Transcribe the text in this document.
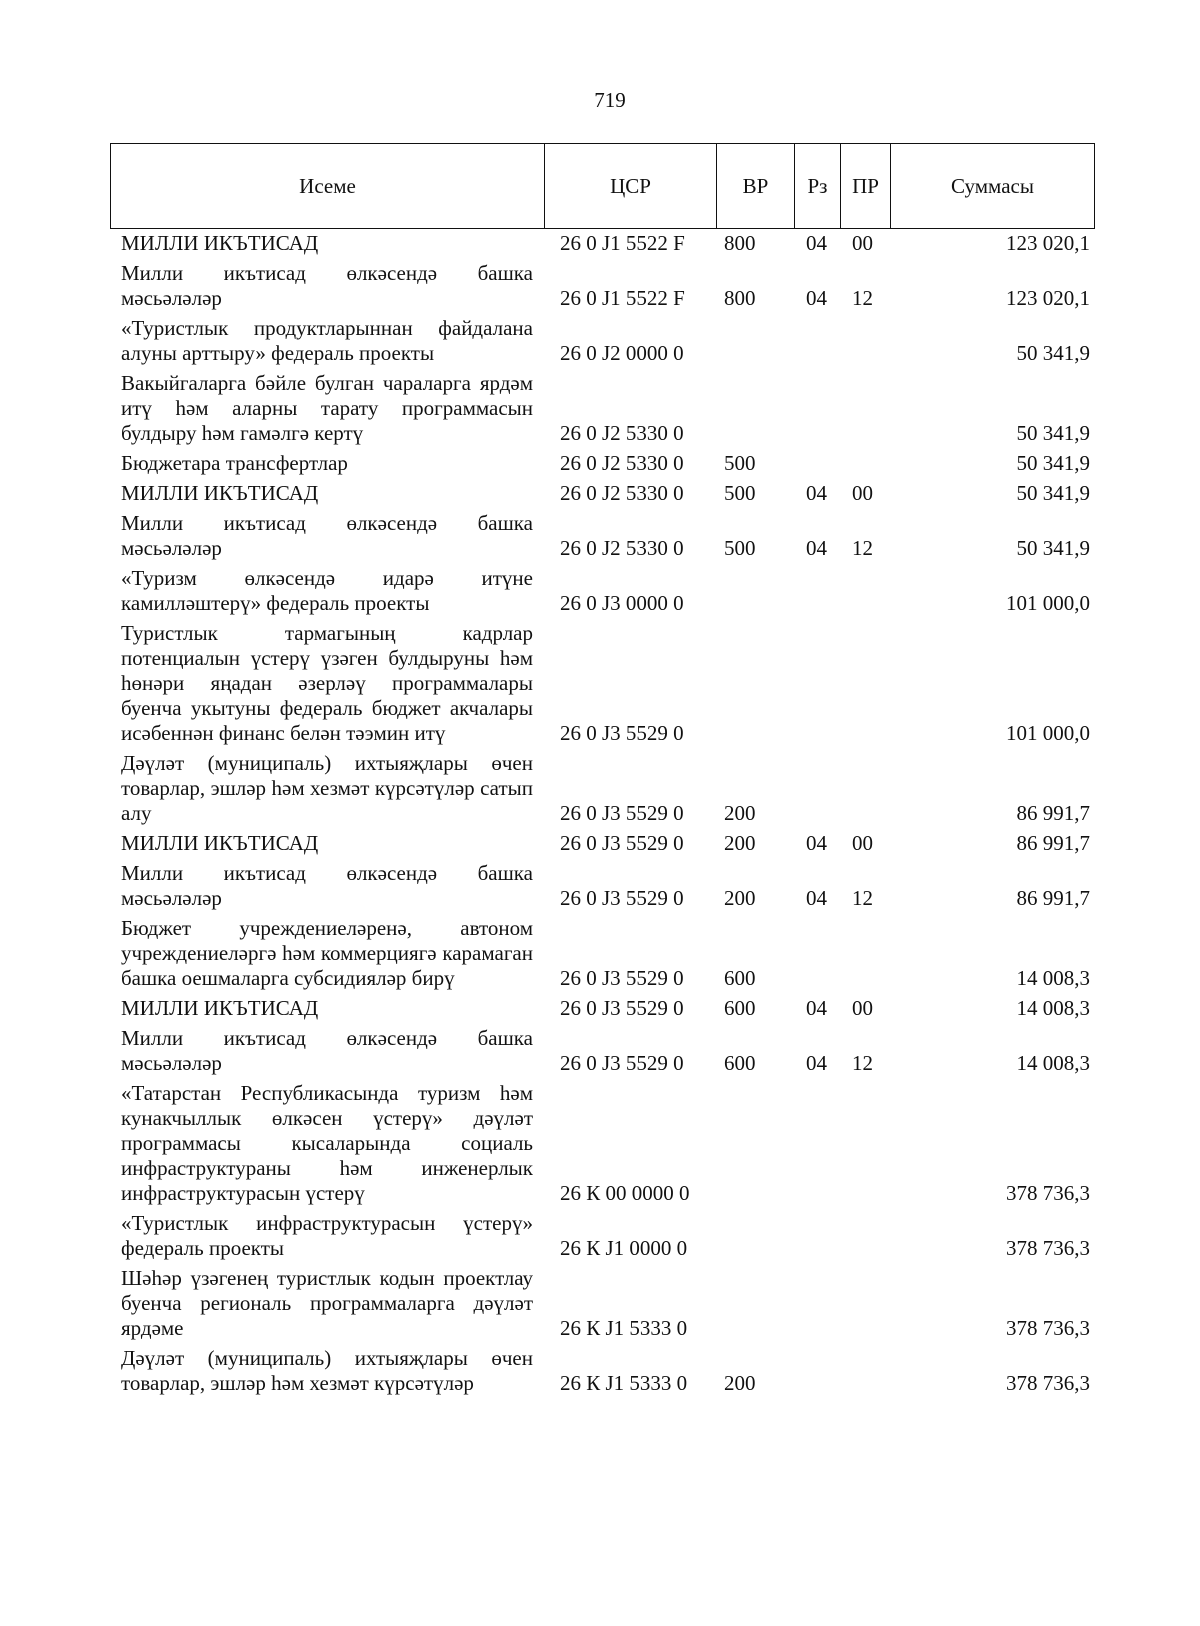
719
Исеме	ЦСР	ВР	Рз	ПР	Суммасы
МИЛЛИ ИКЪТИСАД	26 0 J1 5522 F	800	04	00	123 020,1
Милли икътисад өлкәсендә башка мәсьәләләр	26 0 J1 5522 F	800	04	12	123 020,1
«Туристлык продуктларыннан файдалана алуны арттыру» федераль проекты	26 0 J2 0000 0				50 341,9
Вакыйгаларга бәйле булган чараларга ярдәм итү һәм аларны тарату программасын булдыру һәм гамәлгә кертү	26 0 J2 5330 0				50 341,9
Бюджетара трансфертлар	26 0 J2 5330 0	500			50 341,9
МИЛЛИ ИКЪТИСАД	26 0 J2 5330 0	500	04	00	50 341,9
Милли икътисад өлкәсендә башка мәсьәләләр	26 0 J2 5330 0	500	04	12	50 341,9
«Туризм өлкәсендә идарә итүне камилләштерү» федераль проекты	26 0 J3 0000 0				101 000,0
Туристлык тармагының кадрлар потенциалын үстерү үзәген булдыруны һәм һөнәри яңадан әзерләү программалары буенча укытуны федераль бюджет акчалары исәбеннән финанс белән тәэмин итү	26 0 J3 5529 0				101 000,0
Дәүләт (муниципаль) ихтыяҗлары өчен товарлар, эшләр һәм хезмәт күрсәтүләр сатып алу	26 0 J3 5529 0	200			86 991,7
МИЛЛИ ИКЪТИСАД	26 0 J3 5529 0	200	04	00	86 991,7
Милли икътисад өлкәсендә башка мәсьәләләр	26 0 J3 5529 0	200	04	12	86 991,7
Бюджет учреждениеләренә, автоном учреждениеләргә һәм коммерциягә карамаган башка оешмаларга субсидияләр бирү	26 0 J3 5529 0	600			14 008,3
МИЛЛИ ИКЪТИСАД	26 0 J3 5529 0	600	04	00	14 008,3
Милли икътисад өлкәсендә башка мәсьәләләр	26 0 J3 5529 0	600	04	12	14 008,3
«Татарстан Республикасында туризм һәм кунакчыллык өлкәсен үстерү» дәүләт программасы кысаларында социаль инфраструктураны һәм инженерлык инфраструктурасын үстерү	26 К 00 0000 0				378 736,3
«Туристлык инфраструктурасын үстерү» федераль проекты	26 К J1 0000 0				378 736,3
Шәһәр үзәгенең туристлык кодын проектлау буенча региональ программаларга дәүләт ярдәме	26 К J1 5333 0				378 736,3
Дәүләт (муниципаль) ихтыяҗлары өчен товарлар, эшләр һәм хезмәт күрсәтүләр	26 К J1 5333 0	200			378 736,3
